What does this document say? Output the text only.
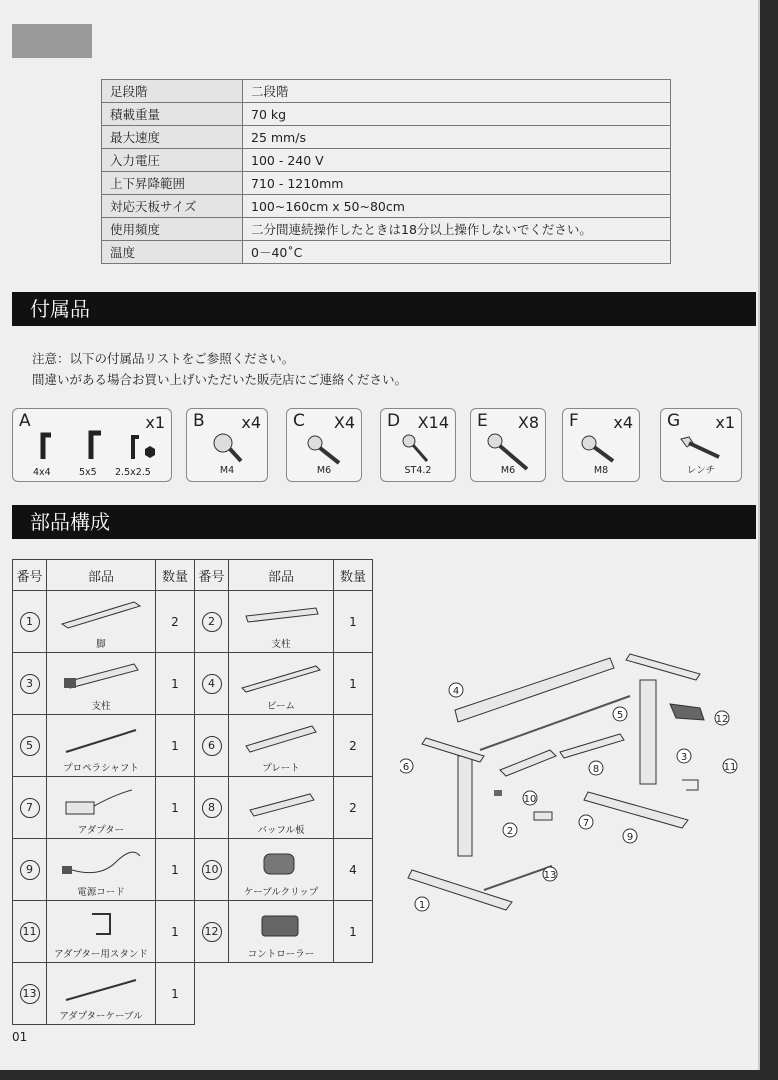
足段階	二段階
積載重量	70 kg
最大速度	25 mm/s
入力電圧	100 - 240 V
上下昇降範囲	710 - 1210mm
対応天板サイズ	100~160cm x 50~80cm
使用頻度	二分間連続操作したときは18分以上操作しないでください。
温度	0－40˚C
付属品
注意：以下の付属品リストをご参照ください。
間違いがある場合お買い上げいただいた販売店にご連絡ください。
A	x1
4x4	5x5 2.5x2.5
B x4
M4
C X4
M6
D X14
ST4.2
E X8
M6
F x4
M8
G x1
レンチ
部品構成
番号	部品	数量	番号	部品	数量
1	脚	2	2	支柱	1
3	支柱	1	4	ビーム	1
5	プロペラシャフト	1	6	プレート	2
7	アダプター	1	8	バッフル板	2
9	電源コード	1	10	ケーブルクリップ	4
11	アダプター用スタンド	1	12	コントローラー	1
13	アダプターケーブル	1			
1
2
3
4
5
6
7
8
9
10
11
12
13
01
